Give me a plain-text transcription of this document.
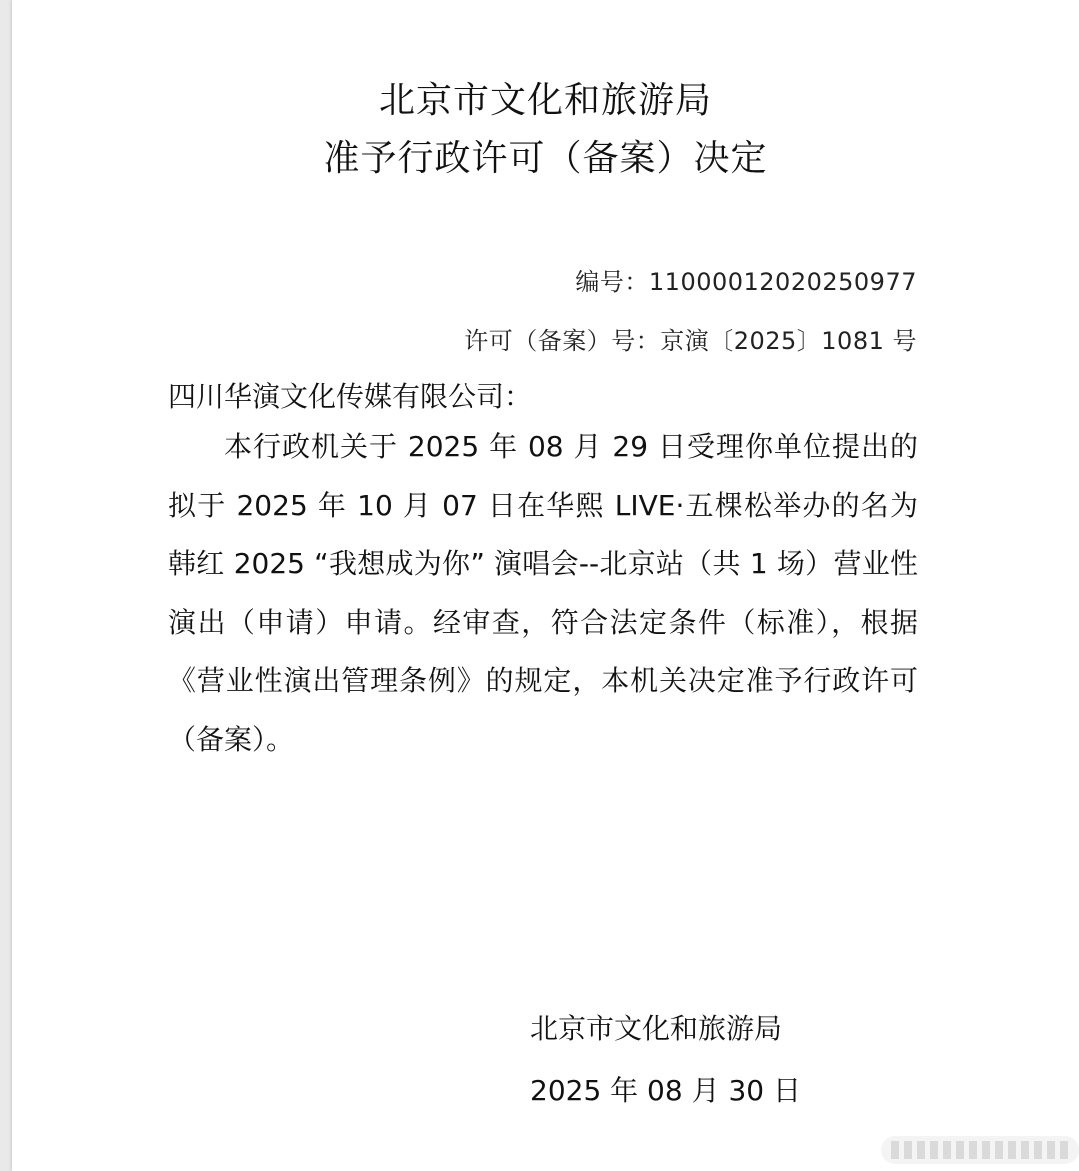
北京市文化和旅游局
准予行政许可（备案）决定
编号：11000012020250977
许可（备案）号：京演〔2025〕1081 号
四川华演文化传媒有限公司：

本行政机关于 2025 年 08 月 29 日受理你单位提出的拟于 2025 年 10 月 07 日在华熙 LIVE·五棵松举办的名为韩红 2025 “我想成为你” 演唱会--北京站（共 1 场）营业性演出（申请）申请。经审查，符合法定条件（标准），根据《营业性演出管理条例》的规定，本机关决定准予行政许可（备案）。

北京市文化和旅游局
2025 年 08 月 30 日
